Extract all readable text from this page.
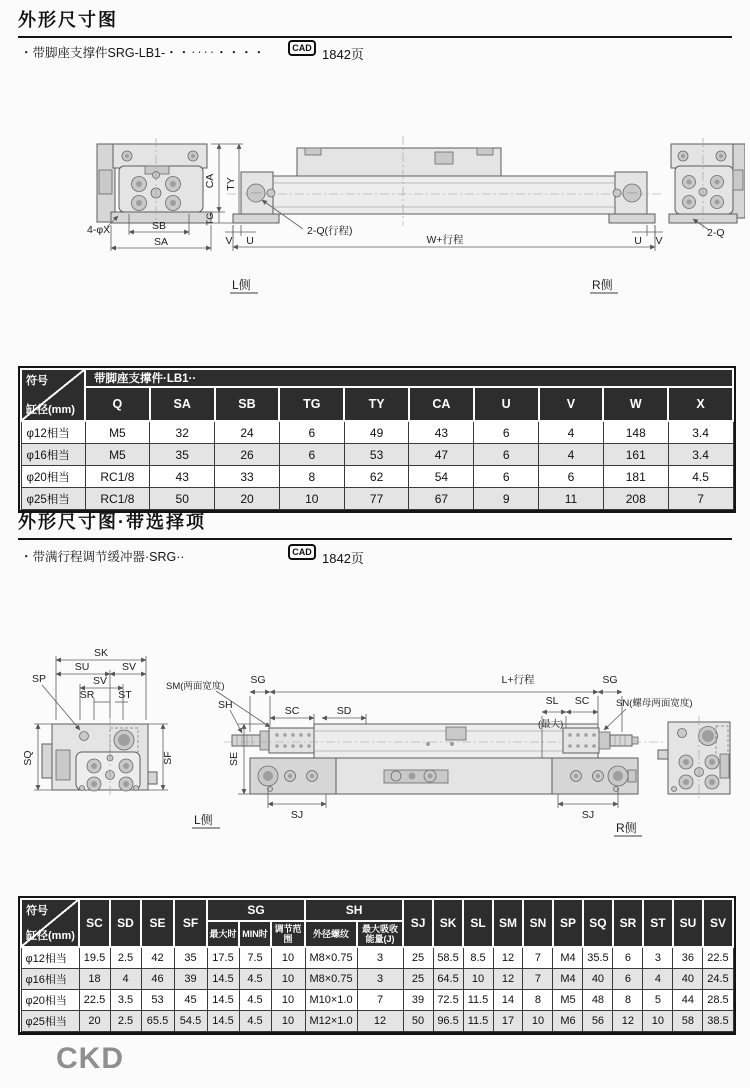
外形尺寸图
・带脚座支撑件SRG-LB1-・・‥‥・・・・	CAD 1842页
CA TY
TG
SB
SA
4-φX
V U	U V
2-Q(行程)
W+行程
2-Q
L侧	R侧
符号
缸径(mm)	带脚座支撑件·LB1··									
	Q	SA	SB	TG	TY	CA	U	V	W	X
φ12相当	M5	32	24	6	49	43	6	4	148	3.4
φ16相当	M5	35	26	6	53	47	6	4	161	3.4
φ20相当	RC1/8	43	33	8	62	54	6	6	181	4.5
φ25相当	RC1/8	50	20	10	77	67	9	11	208	7
外形尺寸图·带选择项
・带满行程调节缓冲器·SRG··	CAD 1842页
SK
SU	SV
SV
SR ST
SP
SQ	SF
L侧
SG	L+行程	SG
SM(两面宽度)
SH	SC	SD
SL SC
(最大)
SN(螺母两面宽度)
SE
SJ	SJ
R侧
符号
缸径(mm)	SC	SD	SE	SF	SG			SH		SJ	SK	SL	SM	SN	SP	SQ	SR	ST	SU	SV
					最大时	MIN时	调节范围	外径螺纹	最大吸收能量(J)											
φ12相当	19.5	2.5	42	35	17.5	7.5	10	M8×0.75	3	25	58.5	8.5	12	7	M4	35.5	6	3	36	22.5
φ16相当	18	4	46	39	14.5	4.5	10	M8×0.75	3	25	64.5	10	12	7	M4	40	6	4	40	24.5
φ20相当	22.5	3.5	53	45	14.5	4.5	10	M10×1.0	7	39	72.5	11.5	14	8	M5	48	8	5	44	28.5
φ25相当	20	2.5	65.5	54.5	14.5	4.5	10	M12×1.0	12	50	96.5	11.5	17	10	M6	56	12	10	58	38.5
CKD
